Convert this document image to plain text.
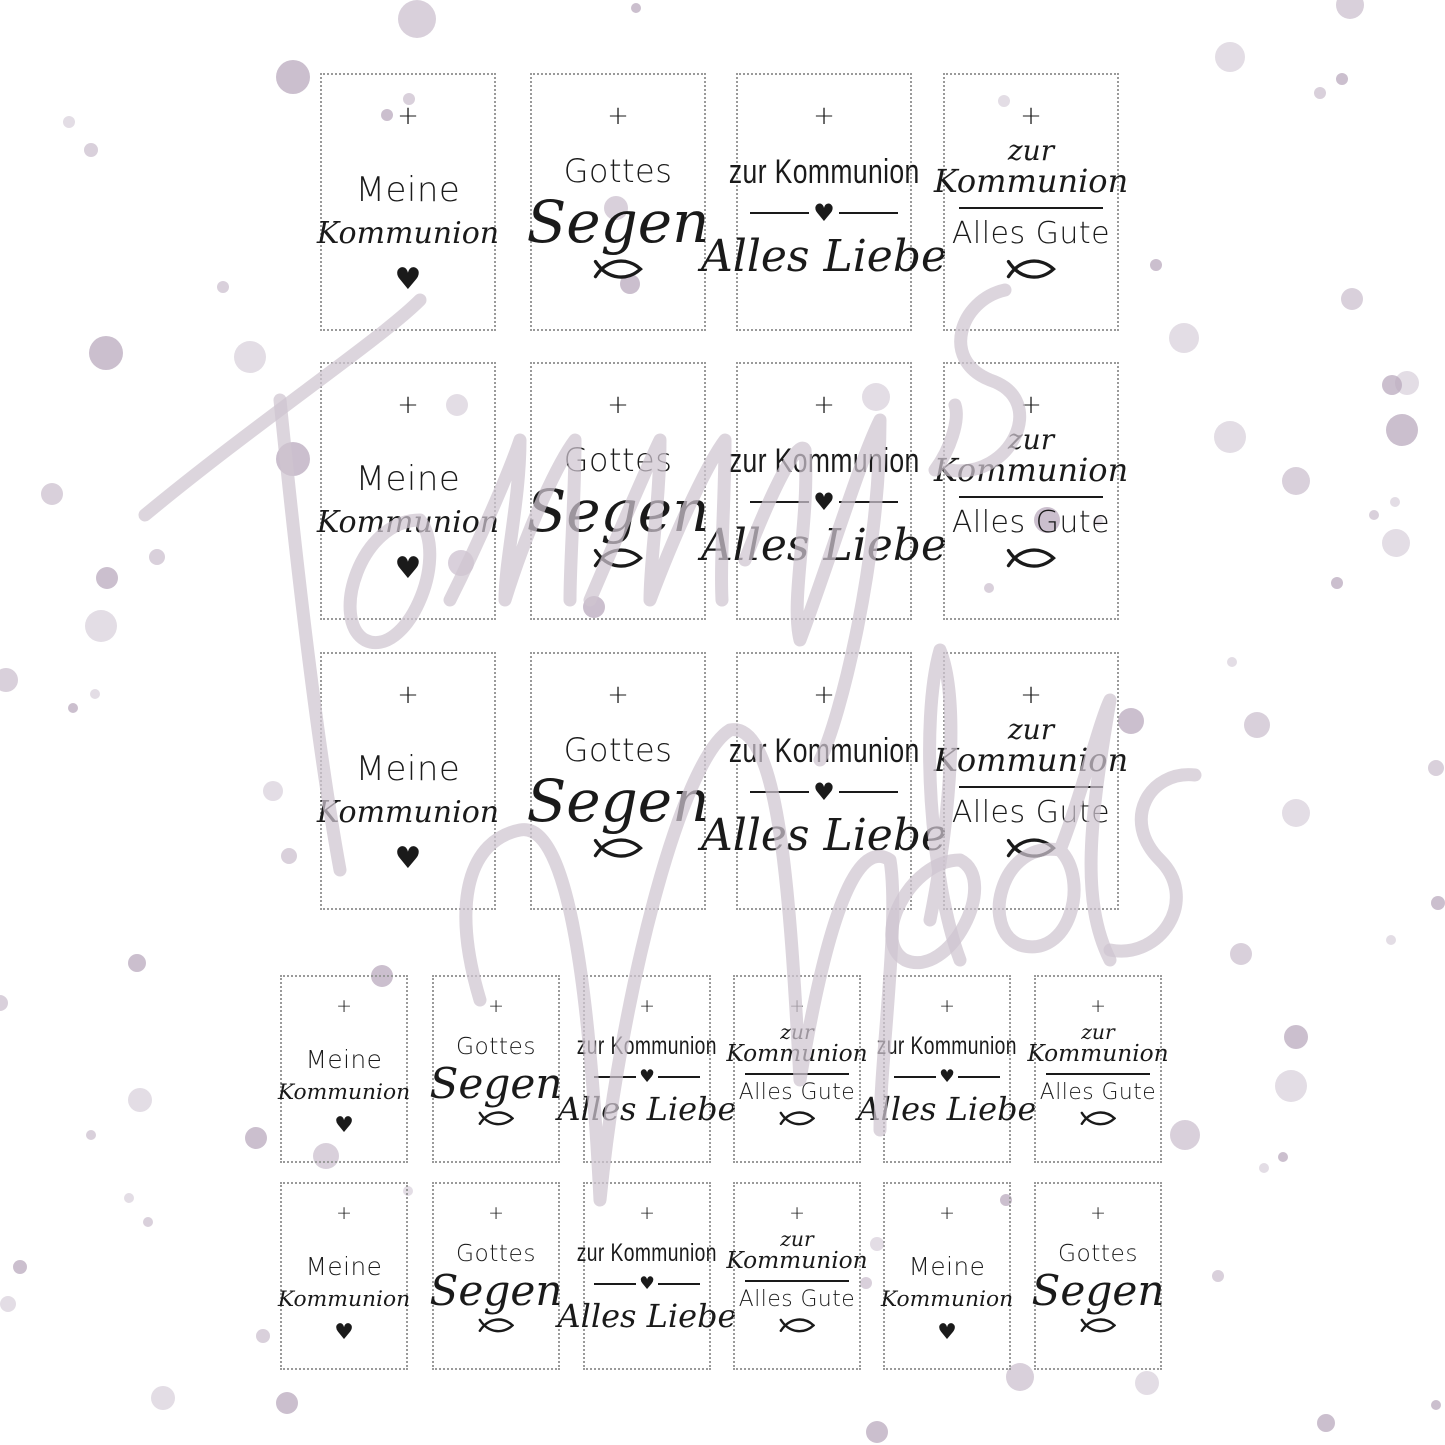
+
Meine
Kommunion
♥
+
Gottes
Segen
+
zur Kommunion
♥
Alles Liebe
+
zur
Kommunion
Alles Gute
+
Meine
Kommunion
♥
+
Gottes
Segen
+
zur Kommunion
♥
Alles Liebe
+
zur
Kommunion
Alles Gute
+
Meine
Kommunion
♥
+
Gottes
Segen
+
zur Kommunion
♥
Alles Liebe
+
zur
Kommunion
Alles Gute
+
Meine
Kommunion
♥
+
Gottes
Segen
+
zur Kommunion
♥
Alles Liebe
+
zur
Kommunion
Alles Gute
+
zur Kommunion
♥
Alles Liebe
+
zur
Kommunion
Alles Gute
+
Meine
Kommunion
♥
+
Gottes
Segen
+
zur Kommunion
♥
Alles Liebe
+
zur
Kommunion
Alles Gute
+
Meine
Kommunion
♥
+
Gottes
Segen
